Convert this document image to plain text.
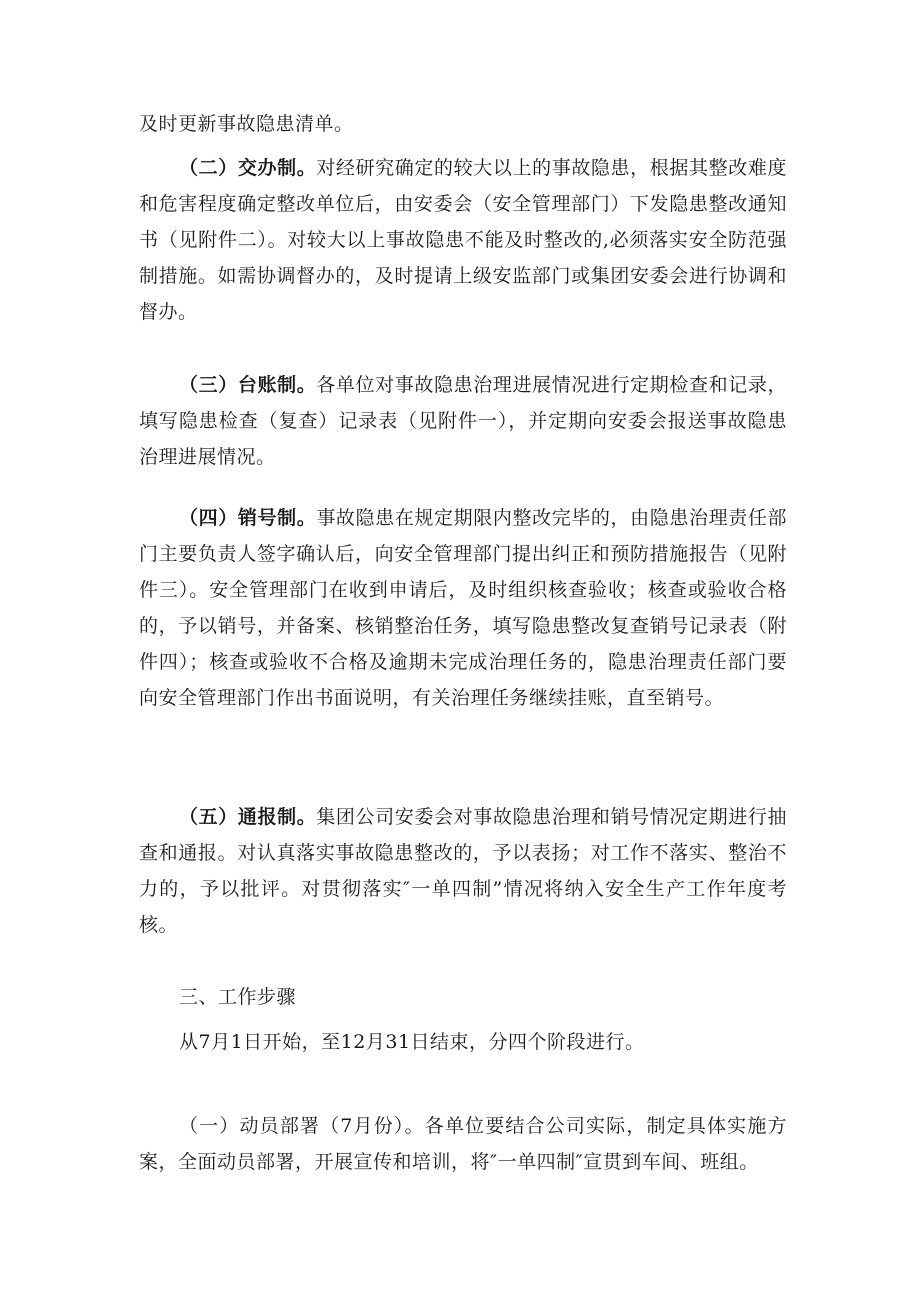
及时更新事故隐患清单。

（二）交办制。对经研究确定的较大以上的事故隐患，根据其整改难度和危害程度确定整改单位后，由安委会（安全管理部门）下发隐患整改通知书（见附件二）。对较大以上事故隐患不能及时整改的,必须落实安全防范强制措施。如需协调督办的，及时提请上级安监部门或集团安委会进行协调和督办。

（三）台账制。各单位对事故隐患治理进展情况进行定期检查和记录，填写隐患检查（复查）记录表（见附件一），并定期向安委会报送事故隐患治理进展情况。

（四）销号制。事故隐患在规定期限内整改完毕的，由隐患治理责任部门主要负责人签字确认后，向安全管理部门提出纠正和预防措施报告（见附件三）。安全管理部门在收到申请后，及时组织核查验收；核查或验收合格的，予以销号，并备案、核销整治任务，填写隐患整改复查销号记录表（附件四）；核查或验收不合格及逾期未完成治理任务的，隐患治理责任部门要向安全管理部门作出书面说明，有关治理任务继续挂账，直至销号。

（五）通报制。集团公司安委会对事故隐患治理和销号情况定期进行抽查和通报。对认真落实事故隐患整改的，予以表扬；对工作不落实、整治不力的，予以批评。对贯彻落实″一单四制”情况将纳入安全生产工作年度考核。

三、工作步骤

从7月1日开始，至12月31日结束，分四个阶段进行。

（一）动员部署（7月份）。各单位要结合公司实际，制定具体实施方案，全面动员部署，开展宣传和培训，将″一单四制″宣贯到车间、班组。
